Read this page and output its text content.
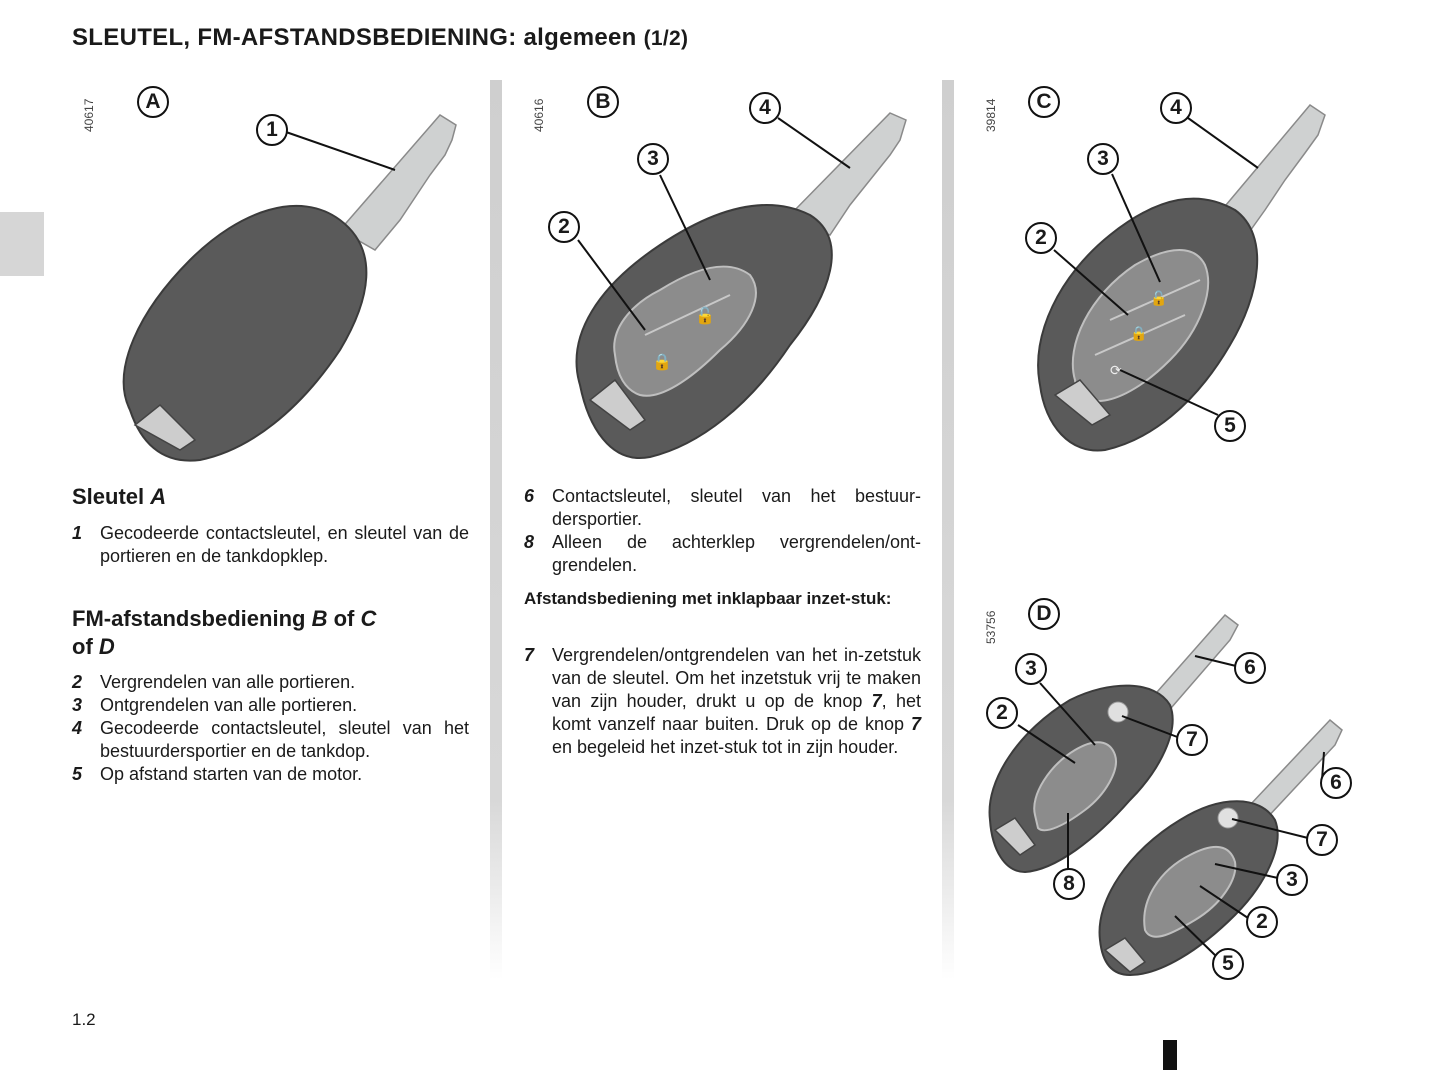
SLEUTEL, FM-AFSTANDSBEDIENING: algemeen (1/2)
40617	40616	39814
53756
🔒
🔓
🔓
🔒
⟳
A	B	C
D
1
2
3
4
2
3
4
5
2
3	6
7
8
6
7
3
2
5
Sleutel A
1 Gecodeerde contactsleutel, en sleutel van de portieren en de tankdopklep.
FM-afstandsbediening B of C
of D
2 Vergrendelen van alle portieren.
3 Ontgrendelen van alle portieren.
4 Gecodeerde contactsleutel, sleutel van het bestuurdersportier en de tankdop.
5 Op afstand starten van de motor.
6 Contactsleutel, sleutel van het bestuur-dersportier.
8 Alleen de achterklep vergrendelen/ont-grendelen.
Afstandsbediening met inklapbaar inzet-stuk:
7 Vergrendelen/ontgrendelen van het in-zetstuk van de sleutel. Om het inzetstuk vrij te maken van zijn houder, drukt u op de knop 7, het komt vanzelf naar buiten. Druk op de knop 7 en begeleid het inzet-stuk tot in zijn houder.
1.2
